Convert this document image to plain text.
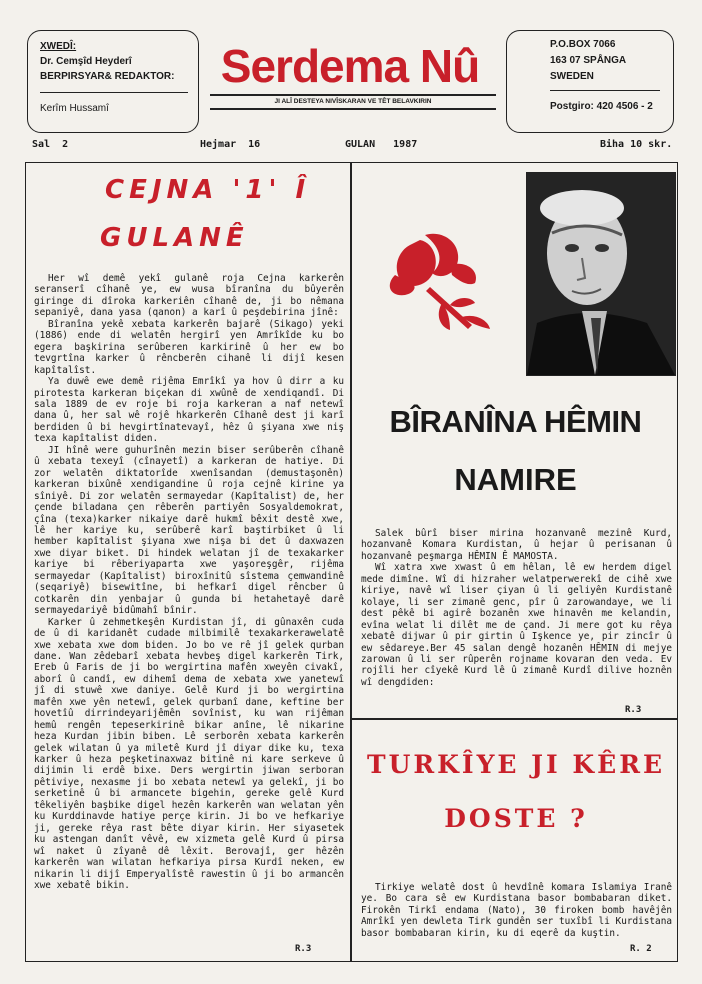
XWEDÎ:
Dr. Cemşîd Heyderî
BERPIRSYAR& REDAKTOR:
Kerîm Hussamî
Serdema Nû
JI ALÎ DESTEYA NIVÎSKARAN VE TÊT BELAVKIRIN
P.O.BOX 7066
163 07 SPÅNGA
SWEDEN
Postgiro: 420 4506 - 2
Sal  2	Hejmar  16	GULAN   1987	Biha 10 skr.
CEJNA '1' Î
GULANÊ

Her wî demê yekî gulanê roja Cejna karkerên seranserî cîhanê ye, ew wusa bîranîna du bûyerên giringe di dîroka karkeriên cîhanê de, ji bo nêmana sepaniyê, dana yasa (qanon) a karî û peşdebirina jînê:

Bîranîna yekê xebata karkerên bajarê (Sikago) yeki (1886) ende di welatên hergirî yen Amrîkîde ku bo egera başkirina serûberen karkirinê û her ew bo tevgrtîna karker û rêncberên cihanê li dijî kesen kapîtalîst.

Ya duwê ewe demê rijêma Emrîkî ya hov û dirr a ku pirotesta karkeran biçekan di xwûnê de xendiqandî. Di sala 1889 de ev roje bi roja karkeran a naf netewî dana û, her sal wê rojê hkarkerên Cîhanê dest ji karî berdiden û bi hevgirtînatevayî, hêz û şiyana xwe niş texa kapîtalist diden.

JI hînê were guhurînên mezin biser serûberên cîhanê û xebata texeyî (cînayetî) a karkeran de hatiye. Di zor welatên diktatorîde xwenîsandan (demustaşonên) karkeran bixûnê xendigandine û roja cejnê kirine ya sîniyê. Di zor welatên sermayedar (Kapîtalist) de, her çende biladana çen rêberên partiyên Sosyaldemokrat, çîna (texa)karker nikaiye darê hukmî bêxit destê xwe, lê her kariye ku, serûberê karî baştirbiket û li hember kapîtalist şiyana xwe nişa bi det û daxwazen xwe diyar biket. Di hindek welatan jî de texakarker kariye bi rêberiyaparta xwe yaşoreşgêr, rijêma sermayedar (Kapîtalist) biroxînitû sîstema çemwandinê (seqariyê) bisewitîne, bi hefkarî digel rêncber û cotkarên din yenbajar û gunda bi hetahetayê darê sermayedariyê bidûmahî bînir.

Karker û zehmetkeşên Kurdistan jî, di gûnaxên cuda de û di karidanêt cudade milbimilê texakarkerawelatê xwe xebata xwe dom biden. Jo bo ve rê jî gelek qurban dane. Wan zêdebarî xebata hevbeş digel karkerên Tirk, Ereb û Faris de ji bo wergirtina mafên xweyên civakî, aborî û candî, ew dihemî dema de xebata xwe yanetewî jî di stuwê xwe daniye. Gelê Kurd ji bo wergirtina mafên xwe yên netewî, gelek qurbanî dane, keftine ber hovetîû dirrindeyarijêmên sovînist, ku wan rijêman hemû rengên tepeserkirinê bikar anîne, lê nikarine heza Kurdan jibin biben. Lê serborên xebata karkerên gelek wilatan û ya miletê Kurd jî diyar dike ku, texa karker û heza peşketinaxwaz bitinê ni kare serkeve û dijimin li erdê bixe. Ders wergirtin jiwan serboran pêtiviye, nexasme ji bo xebata netewî ya gelekî, ji bo serketinê û bi armancete bigehin, gereke gelê Kurd têkeliyên başbike digel hezên karkerên wan welatan yên ku Kurddinavde hatiye perçe kirin. Ji bo ve hefkariye ji, gereke rêya rast bête diyar kirin. Her siyasetek ku astengan danît vêvê, ew xizmeta gelê Kurd û pirsa wî naket û zîyanê dê lêxit. Berovajî, ger hêzên karkerên wan wilatan hefkariya pirsa Kurdî neken, ew nikarin li dijî Emperyalîstê rawestin û ji bo armancên xwe xebatê bikin.

R.3
BÎRANÎNA HÊMIN
NAMIRE

Salek bûrî biser mirina hozanvanê mezinê Kurd, hozanvanê Komara Kurdistan, û hejar û perisanan û hozanvanê peşmarga HÊMIN Ê MAMOSTA.

Wî xatra xwe xwast û em hêlan, lê ew herdem digel mede dimîne. Wî di hizraher welatperwerekî de cihê xwe kiriye, navê wî liser çiyan û li geliyên Kurdistanê kolaye, li ser zimanê genc, pîr û zarowandaye, we li dest pêkê bi agirê bozanên xwe hinavên me kelandin, evîna welat li dilêt me de çand. Ji mere got ku rêya xebatê dijwar û pir girtin û Işkence ye, pir zincîr û ew sêdareye.Ber 45 salan dengê hozanên HÊMIN di mejye zarowan û li ser rûperên rojname kovaran den veda. Ev rojîli her cîyekê Kurd lê û zimanê Kurdî dilive hoznên wî dengdiden:

R.3
TURKÎYE JI KÊRE
DOSTE ?

Tirkiye welatê dost û hevdînê komara Islamiya Iranê ye. Bo cara sê ew Kurdistana basor bombabaran diket. Firokên Tirkî endama (Nato), 30 firoken bomb havêjên Amrîkî yen dewleta Tirk gundên ser tuxîbî li Kurdistana basor bombabaran kirin, ku di eqerê da kuştin.

R. 2
